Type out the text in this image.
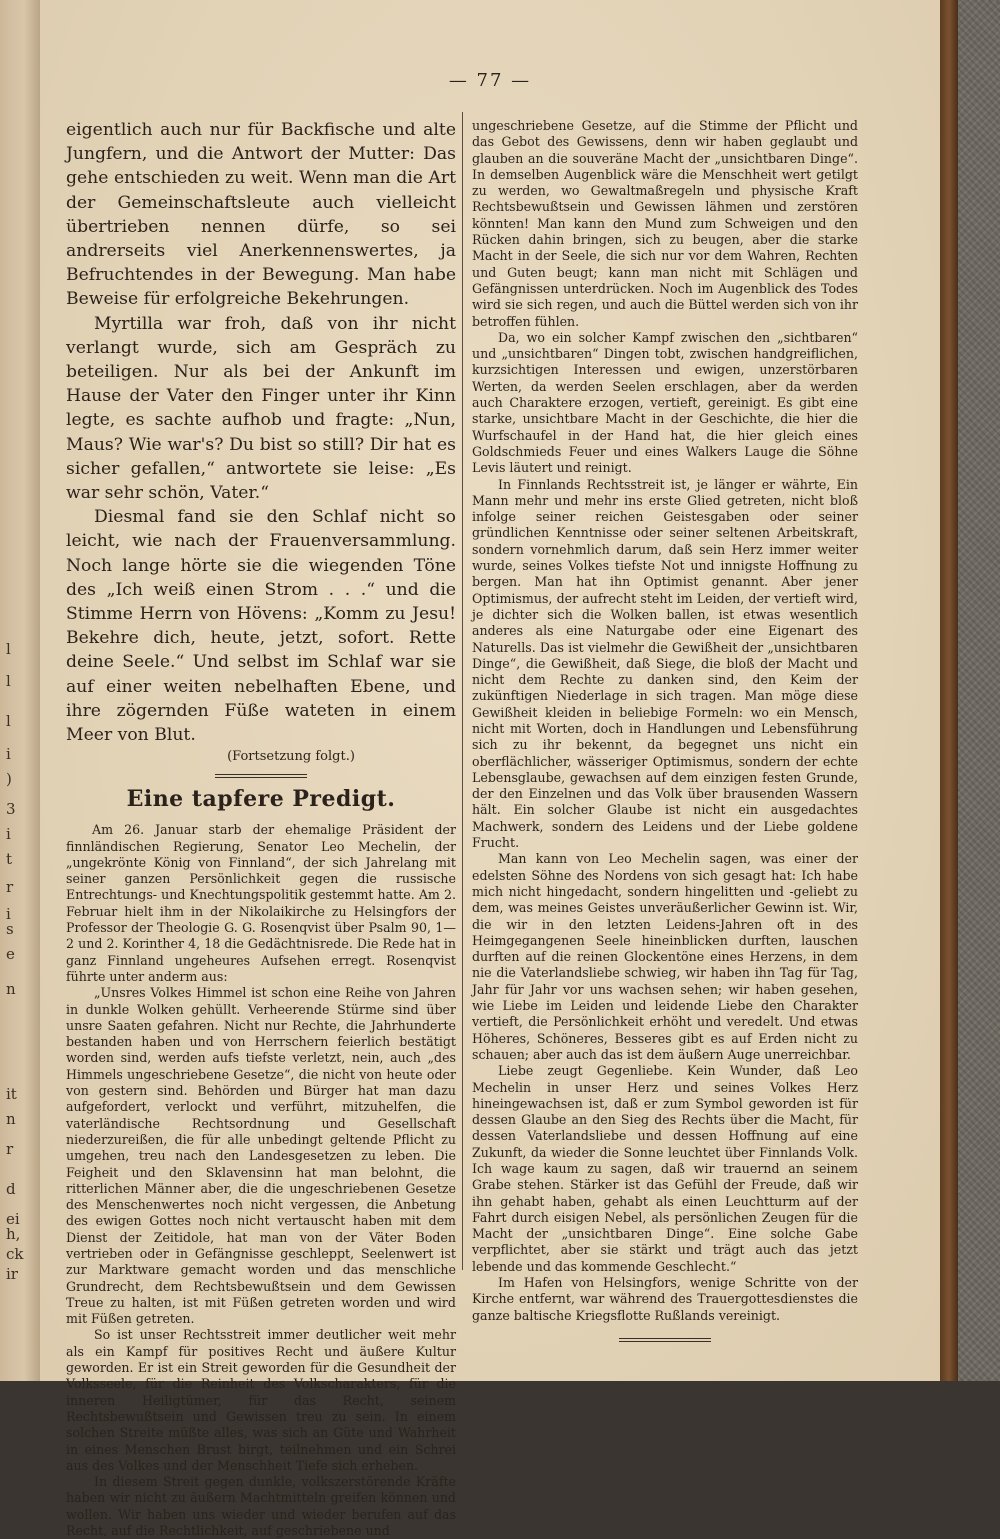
l
l
l
i
)
3
i
t
r
i
s
e
n
it
n
r
d
ei
h,
ck
ir
— 77 —

eigentlich auch nur für Backfische und alte Jungfern, und die Antwort der Mutter: Das gehe entschieden zu weit. Wenn man die Art der Gemeinschaftsleute auch vielleicht übertrieben nennen dürfe, so sei andrerseits viel Anerkennenswertes, ja Befruchtendes in der Bewegung. Man habe Beweise für erfolgreiche Bekehrungen.

Myrtilla war froh, daß von ihr nicht verlangt wurde, sich am Gespräch zu beteiligen. Nur als bei der Ankunft im Hause der Vater den Finger unter ihr Kinn legte, es sachte aufhob und fragte: „Nun, Maus? Wie war's? Du bist so still? Dir hat es sicher gefallen,“ antwortete sie leise: „Es war sehr schön, Vater.“

Diesmal fand sie den Schlaf nicht so leicht, wie nach der Frauenversammlung. Noch lange hörte sie die wiegenden Töne des „Ich weiß einen Strom . . .“ und die Stimme Herrn von Hövens: „Komm zu Jesu! Bekehre dich, heute, jetzt, sofort. Rette deine Seele.“ Und selbst im Schlaf war sie auf einer weiten nebelhaften Ebene, und ihre zögernden Füße wateten in einem Meer von Blut.

(Fortsetzung folgt.)
Eine tapfere Predigt.

Am 26. Januar starb der ehemalige Präsident der finnländischen Regierung, Senator Leo Mechelin, der „ungekrönte König von Finnland“, der sich Jahrelang mit seiner ganzen Persönlichkeit gegen die russische Entrechtungs- und Knechtungspolitik gestemmt hatte. Am 2. Februar hielt ihm in der Nikolaikirche zu Helsingfors der Professor der Theologie G. G. Rosenqvist über Psalm 90, 1—2 und 2. Korinther 4, 18 die Gedächtnisrede. Die Rede hat in ganz Finnland ungeheures Aufsehen erregt. Rosenqvist führte unter anderm aus:

„Unsres Volkes Himmel ist schon eine Reihe von Jahren in dunkle Wolken gehüllt. Verheerende Stürme sind über unsre Saaten gefahren. Nicht nur Rechte, die Jahrhunderte bestanden haben und von Herrschern feierlich bestätigt worden sind, werden aufs tiefste verletzt, nein, auch „des Himmels ungeschriebene Gesetze“, die nicht von heute oder von gestern sind. Behörden und Bürger hat man dazu aufgefordert, verlockt und verführt, mitzuhelfen, die vaterländische Rechtsordnung und Gesellschaft niederzureißen, die für alle unbedingt geltende Pflicht zu umgehen, treu nach den Landesgesetzen zu leben. Die Feigheit und den Sklavensinn hat man belohnt, die ritterlichen Männer aber, die die ungeschriebenen Gesetze des Menschenwertes noch nicht vergessen, die Anbetung des ewigen Gottes noch nicht vertauscht haben mit dem Dienst der Zeitidole, hat man von der Väter Boden vertrieben oder in Gefängnisse geschleppt, Seelenwert ist zur Marktware gemacht worden und das menschliche Grundrecht, dem Rechtsbewußtsein und dem Gewissen Treue zu halten, ist mit Füßen getreten worden und wird mit Füßen getreten.

So ist unser Rechtsstreit immer deutlicher weit mehr als ein Kampf für positives Recht und äußere Kultur geworden. Er ist ein Streit geworden für die Gesundheit der Volksseele, für die Reinheit des Volkscharakters, für die inneren Heiligtümer, für das Recht, seinem Rechtsbewußtsein und Gewissen treu zu sein. In einem solchen Streite müßte alles, was sich an Güte und Wahrheit in eines Menschen Brust birgt, teilnehmen und ein Schrei aus des Volkes und der Menschheit Tiefe sich erheben.

In diesem Streit gegen dunkle, volkszerstörende Kräfte haben wir nicht zu äußern Machtmitteln greifen können und wollen. Wir haben uns wieder und wieder berufen auf das Recht, auf die Rechtlichkeit, auf geschriebene und

ungeschriebene Gesetze, auf die Stimme der Pflicht und das Gebot des Gewissens, denn wir haben geglaubt und glauben an die souveräne Macht der „unsichtbaren Dinge“. In demselben Augenblick wäre die Menschheit wert getilgt zu werden, wo Gewaltmaßregeln und physische Kraft Rechtsbewußtsein und Gewissen lähmen und zerstören könnten! Man kann den Mund zum Schweigen und den Rücken dahin bringen, sich zu beugen, aber die starke Macht in der Seele, die sich nur vor dem Wahren, Rechten und Guten beugt; kann man nicht mit Schlägen und Gefängnissen unterdrücken. Noch im Augenblick des Todes wird sie sich regen, und auch die Büttel werden sich von ihr betroffen fühlen.

Da, wo ein solcher Kampf zwischen den „sichtbaren“ und „unsichtbaren“ Dingen tobt, zwischen handgreiflichen, kurzsichtigen Interessen und ewigen, unzerstörbaren Werten, da werden Seelen erschlagen, aber da werden auch Charaktere erzogen, vertieft, gereinigt. Es gibt eine starke, unsichtbare Macht in der Geschichte, die hier die Wurfschaufel in der Hand hat, die hier gleich eines Goldschmieds Feuer und eines Walkers Lauge die Söhne Levis läutert und reinigt.

In Finnlands Rechtsstreit ist, je länger er währte, Ein Mann mehr und mehr ins erste Glied getreten, nicht bloß infolge seiner reichen Geistesgaben oder seiner gründlichen Kenntnisse oder seiner seltenen Arbeitskraft, sondern vornehmlich darum, daß sein Herz immer weiter wurde, seines Volkes tiefste Not und innigste Hoffnung zu bergen. Man hat ihn Optimist genannt. Aber jener Optimismus, der aufrecht steht im Leiden, der vertieft wird, je dichter sich die Wolken ballen, ist etwas wesentlich anderes als eine Naturgabe oder eine Eigenart des Naturells. Das ist vielmehr die Gewißheit der „unsichtbaren Dinge“, die Gewißheit, daß Siege, die bloß der Macht und nicht dem Rechte zu danken sind, den Keim der zukünftigen Niederlage in sich tragen. Man möge diese Gewißheit kleiden in beliebige Formeln: wo ein Mensch, nicht mit Worten, doch in Handlungen und Lebensführung sich zu ihr bekennt, da begegnet uns nicht ein oberflächlicher, wässeriger Optimismus, sondern der echte Lebensglaube, gewachsen auf dem einzigen festen Grunde, der den Einzelnen und das Volk über brausenden Wassern hält. Ein solcher Glaube ist nicht ein ausgedachtes Machwerk, sondern des Leidens und der Liebe goldene Frucht.

Man kann von Leo Mechelin sagen, was einer der edelsten Söhne des Nordens von sich gesagt hat: Ich habe mich nicht hingedacht, sondern hingelitten und -geliebt zu dem, was meines Geistes unveräußerlicher Gewinn ist. Wir, die wir in den letzten Leidens-Jahren oft in des Heimgegangenen Seele hineinblicken durften, lauschen durften auf die reinen Glockentöne eines Herzens, in dem nie die Vaterlandsliebe schwieg, wir haben ihn Tag für Tag, Jahr für Jahr vor uns wachsen sehen; wir haben gesehen, wie Liebe im Leiden und leidende Liebe den Charakter vertieft, die Persönlichkeit erhöht und veredelt. Und etwas Höheres, Schöneres, Besseres gibt es auf Erden nicht zu schauen; aber auch das ist dem äußern Auge unerreichbar.

Liebe zeugt Gegenliebe. Kein Wunder, daß Leo Mechelin in unser Herz und seines Volkes Herz hineingewachsen ist, daß er zum Symbol geworden ist für dessen Glaube an den Sieg des Rechts über die Macht, für dessen Vaterlandsliebe und dessen Hoffnung auf eine Zukunft, da wieder die Sonne leuchtet über Finnlands Volk. Ich wage kaum zu sagen, daß wir trauernd an seinem Grabe stehen. Stärker ist das Gefühl der Freude, daß wir ihn gehabt haben, gehabt als einen Leuchtturm auf der Fahrt durch eisigen Nebel, als persönlichen Zeugen für die Macht der „unsichtbaren Dinge“. Eine solche Gabe verpflichtet, aber sie stärkt und trägt auch das jetzt lebende und das kommende Geschlecht.“

Im Hafen von Helsingfors, wenige Schritte von der Kirche entfernt, war während des Trauergottesdienstes die ganze baltische Kriegsflotte Rußlands vereinigt.
